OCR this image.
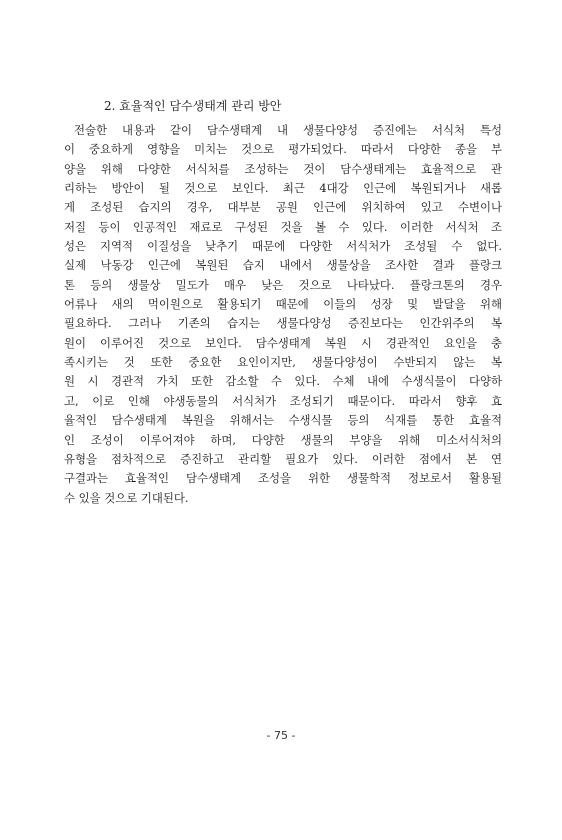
2. 효율적인 담수생태계 관리 방안
전술한 내용과 같이 담수생태계 내 생물다양성 증진에는 서식처 특성
이 중요하게 영향을 미치는 것으로 평가되었다. 따라서 다양한 종을 부
양을 위해 다양한 서식처를 조성하는 것이 담수생태계는 효율적으로 관
리하는 방안이 될 것으로 보인다. 최근 4대강 인근에 복원되거나 새롭
게 조성된 습지의 경우, 대부분 공원 인근에 위치하여 있고 수변이나
저질 등이 인공적인 재료로 구성된 것을 볼 수 있다. 이러한 서식처 조
성은 지역적 이질성을 낮추기 때문에 다양한 서식처가 조성될 수 없다.
실제 낙동강 인근에 복원된 습지 내에서 생물상을 조사한 결과 플랑크
톤 등의 생물상 밀도가 매우 낮은 것으로 나타났다. 플랑크톤의 경우
어류나 새의 먹이원으로 활용되기 때문에 이들의 성장 및 발달을 위해
필요하다. 그러나 기존의 습지는 생물다양성 증진보다는 인간위주의 복
원이 이루어진 것으로 보인다. 담수생태계 복원 시 경관적인 요인을 충
족시키는 것 또한 중요한 요인이지만, 생물다양성이 수반되지 않는 복
원 시 경관적 가치 또한 감소할 수 있다. 수체 내에 수생식물이 다양하
고, 이로 인해 야생동물의 서식처가 조성되기 때문이다. 따라서 향후 효
율적인 담수생태계 복원을 위해서는 수생식물 등의 식재를 통한 효율적
인 조성이 이루어져야 하며, 다양한 생물의 부양을 위해 미소서식처의
유형을 점차적으로 증진하고 관리할 필요가 있다. 이러한 점에서 본 연
구결과는 효율적인 담수생태계 조성을 위한 생물학적 정보로서 활용될
수 있을 것으로 기대된다.
- 75 -
